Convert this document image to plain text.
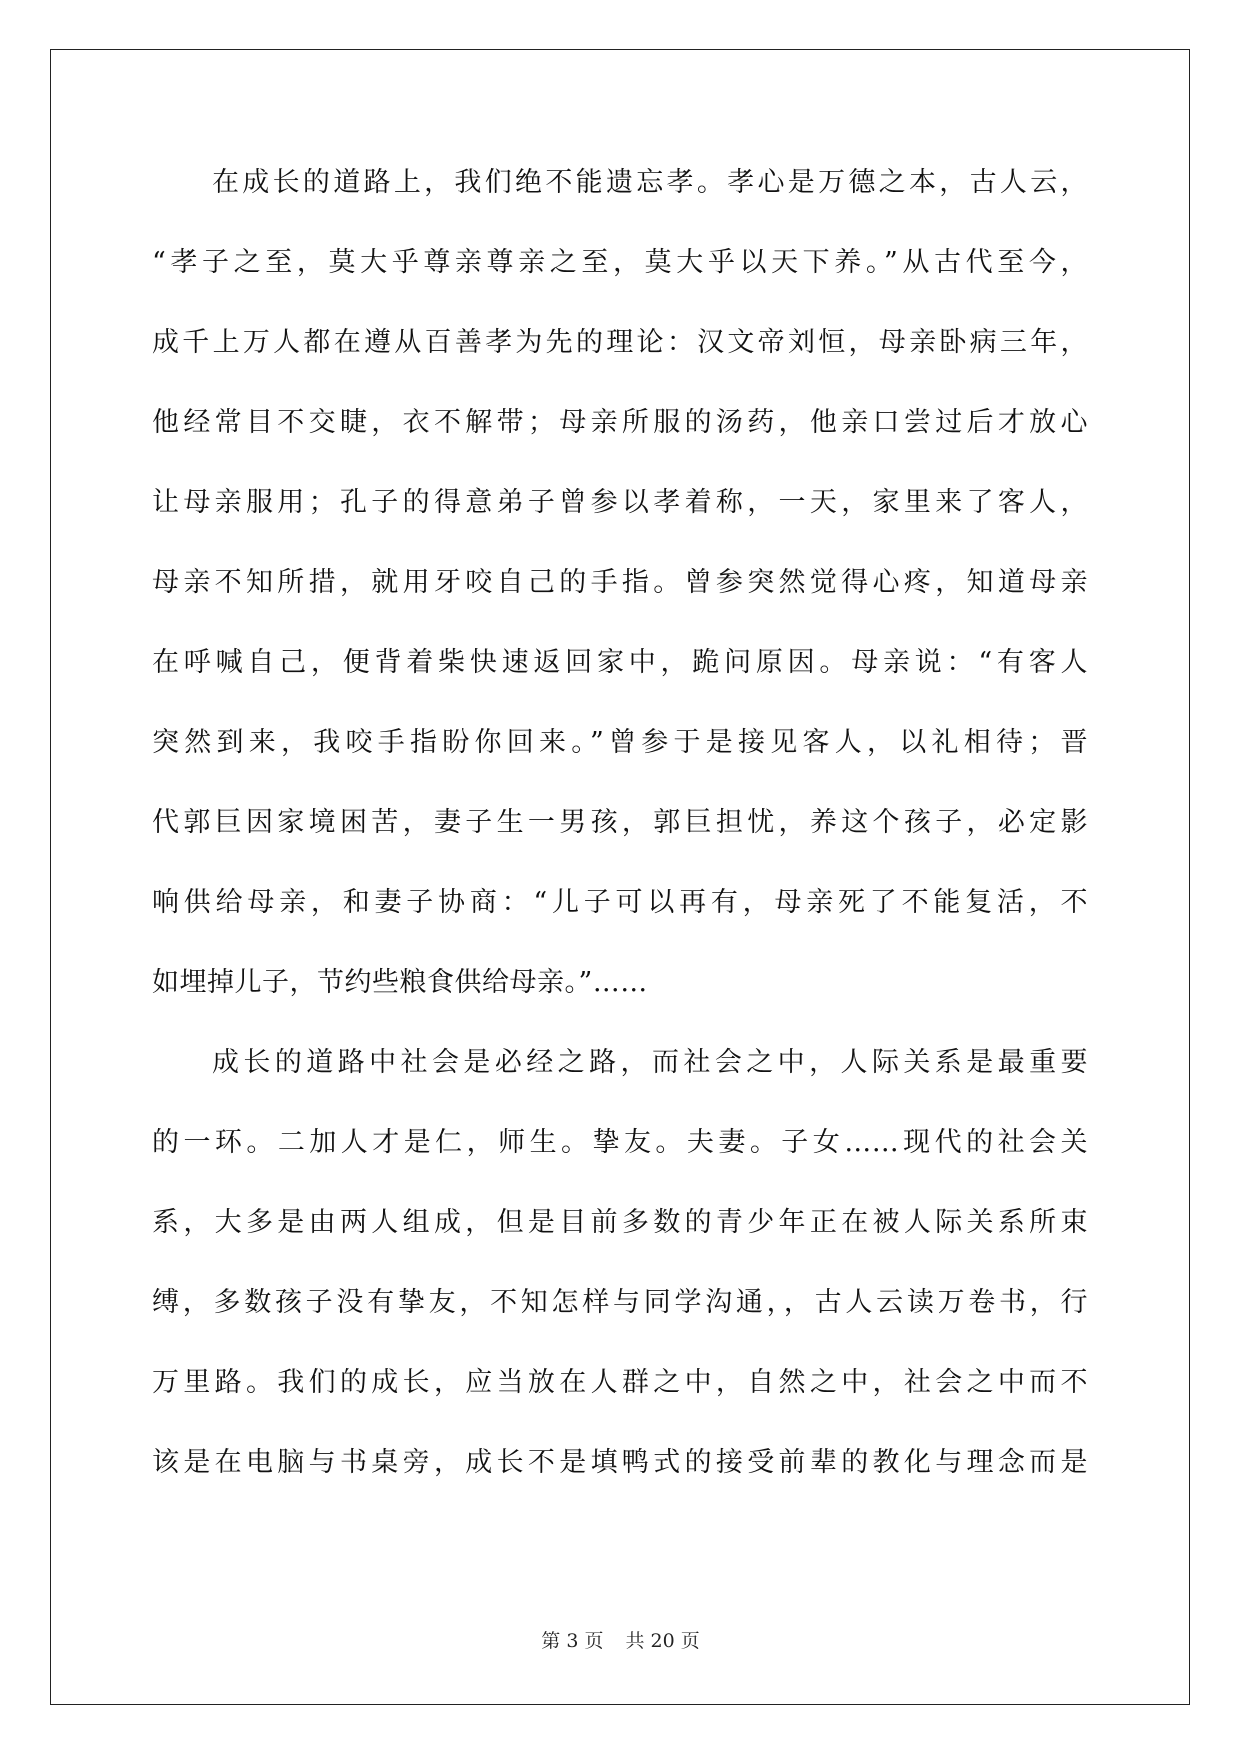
在成长的道路上，我们绝不能遗忘孝。孝心是万德之本，古人云，
“孝子之至，莫大乎尊亲尊亲之至，莫大乎以天下养。”从古代至今，
成千上万人都在遵从百善孝为先的理论：汉文帝刘恒，母亲卧病三年，
他经常目不交睫，衣不解带；母亲所服的汤药，他亲口尝过后才放心
让母亲服用；孔子的得意弟子曾参以孝着称，一天，家里来了客人，
母亲不知所措，就用牙咬自己的手指。曾参突然觉得心疼，知道母亲
在呼喊自己，便背着柴快速返回家中，跪问原因。母亲说：“有客人
突然到来，我咬手指盼你回来。”曾参于是接见客人，以礼相待；晋
代郭巨因家境困苦，妻子生一男孩，郭巨担忧，养这个孩子，必定影
响供给母亲，和妻子协商：“儿子可以再有，母亲死了不能复活，不
如埋掉儿子，节约些粮食供给母亲。”……
成长的道路中社会是必经之路，而社会之中，人际关系是最重要
的一环。二加人才是仁，师生。挚友。夫妻。子女……现代的社会关
系，大多是由两人组成，但是目前多数的青少年正在被人际关系所束
缚，多数孩子没有挚友，不知怎样与同学沟通，，古人云读万卷书，行
万里路。我们的成长，应当放在人群之中，自然之中，社会之中而不
该是在电脑与书桌旁，成长不是填鸭式的接受前辈的教化与理念而是
第 3 页 共 20 页
